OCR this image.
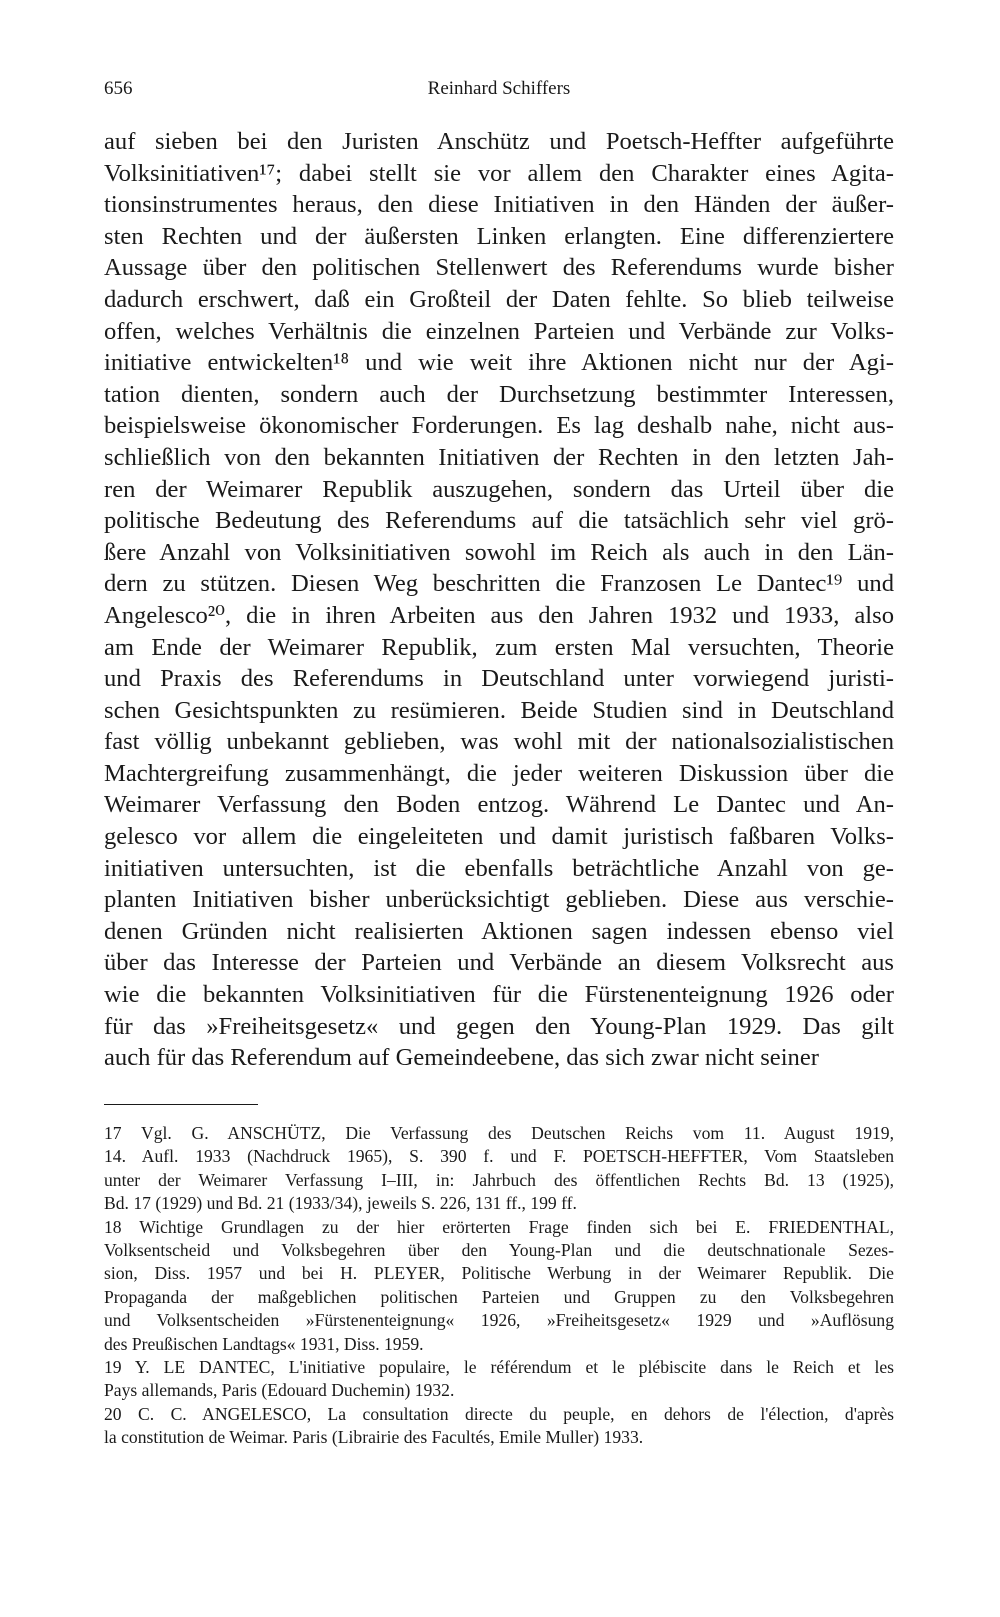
656	Reinhard Schiffers
auf sieben bei den Juristen Anschütz und Poetsch-Heffter aufgeführte
Volksinitiativen¹⁷; dabei stellt sie vor allem den Charakter eines Agita-
tionsinstrumentes heraus, den diese Initiativen in den Händen der äußer-
sten Rechten und der äußersten Linken erlangten. Eine differenziertere
Aussage über den politischen Stellenwert des Referendums wurde bisher
dadurch erschwert, daß ein Großteil der Daten fehlte. So blieb teilweise
offen, welches Verhältnis die einzelnen Parteien und Verbände zur Volks-
initiative entwickelten¹⁸ und wie weit ihre Aktionen nicht nur der Agi-
tation dienten, sondern auch der Durchsetzung bestimmter Interessen,
beispielsweise ökonomischer Forderungen. Es lag deshalb nahe, nicht aus-
schließlich von den bekannten Initiativen der Rechten in den letzten Jah-
ren der Weimarer Republik auszugehen, sondern das Urteil über die
politische Bedeutung des Referendums auf die tatsächlich sehr viel grö-
ßere Anzahl von Volksinitiativen sowohl im Reich als auch in den Län-
dern zu stützen. Diesen Weg beschritten die Franzosen Le Dantec¹⁹ und
Angelesco²⁰, die in ihren Arbeiten aus den Jahren 1932 und 1933, also
am Ende der Weimarer Republik, zum ersten Mal versuchten, Theorie
und Praxis des Referendums in Deutschland unter vorwiegend juristi-
schen Gesichtspunkten zu resümieren. Beide Studien sind in Deutschland
fast völlig unbekannt geblieben, was wohl mit der nationalsozialistischen
Machtergreifung zusammenhängt, die jeder weiteren Diskussion über die
Weimarer Verfassung den Boden entzog. Während Le Dantec und An-
gelesco vor allem die eingeleiteten und damit juristisch faßbaren Volks-
initiativen untersuchten, ist die ebenfalls beträchtliche Anzahl von ge-
planten Initiativen bisher unberücksichtigt geblieben. Diese aus verschie-
denen Gründen nicht realisierten Aktionen sagen indessen ebenso viel
über das Interesse der Parteien und Verbände an diesem Volksrecht aus
wie die bekannten Volksinitiativen für die Fürstenenteignung 1926 oder
für das »Freiheitsgesetz« und gegen den Young-Plan 1929. Das gilt
auch für das Referendum auf Gemeindeebene, das sich zwar nicht seiner
17 Vgl. G. ANSCHÜTZ, Die Verfassung des Deutschen Reichs vom 11. August 1919,
14. Aufl. 1933 (Nachdruck 1965), S. 390 f. und F. POETSCH-HEFFTER, Vom Staatsleben
unter der Weimarer Verfassung I–III, in: Jahrbuch des öffentlichen Rechts Bd. 13 (1925),
Bd. 17 (1929) und Bd. 21 (1933/34), jeweils S. 226, 131 ff., 199 ff.
18 Wichtige Grundlagen zu der hier erörterten Frage finden sich bei E. FRIEDENTHAL,
Volksentscheid und Volksbegehren über den Young-Plan und die deutschnationale Sezes-
sion, Diss. 1957 und bei H. PLEYER, Politische Werbung in der Weimarer Republik. Die
Propaganda der maßgeblichen politischen Parteien und Gruppen zu den Volksbegehren
und Volksentscheiden »Fürstenenteignung« 1926, »Freiheitsgesetz« 1929 und »Auflösung
des Preußischen Landtags« 1931, Diss. 1959.
19 Y. LE DANTEC, L'initiative populaire, le référendum et le plébiscite dans le Reich et les
Pays allemands, Paris (Edouard Duchemin) 1932.
20 C. C. ANGELESCO, La consultation directe du peuple, en dehors de l'élection, d'après
la constitution de Weimar. Paris (Librairie des Facultés, Emile Muller) 1933.
